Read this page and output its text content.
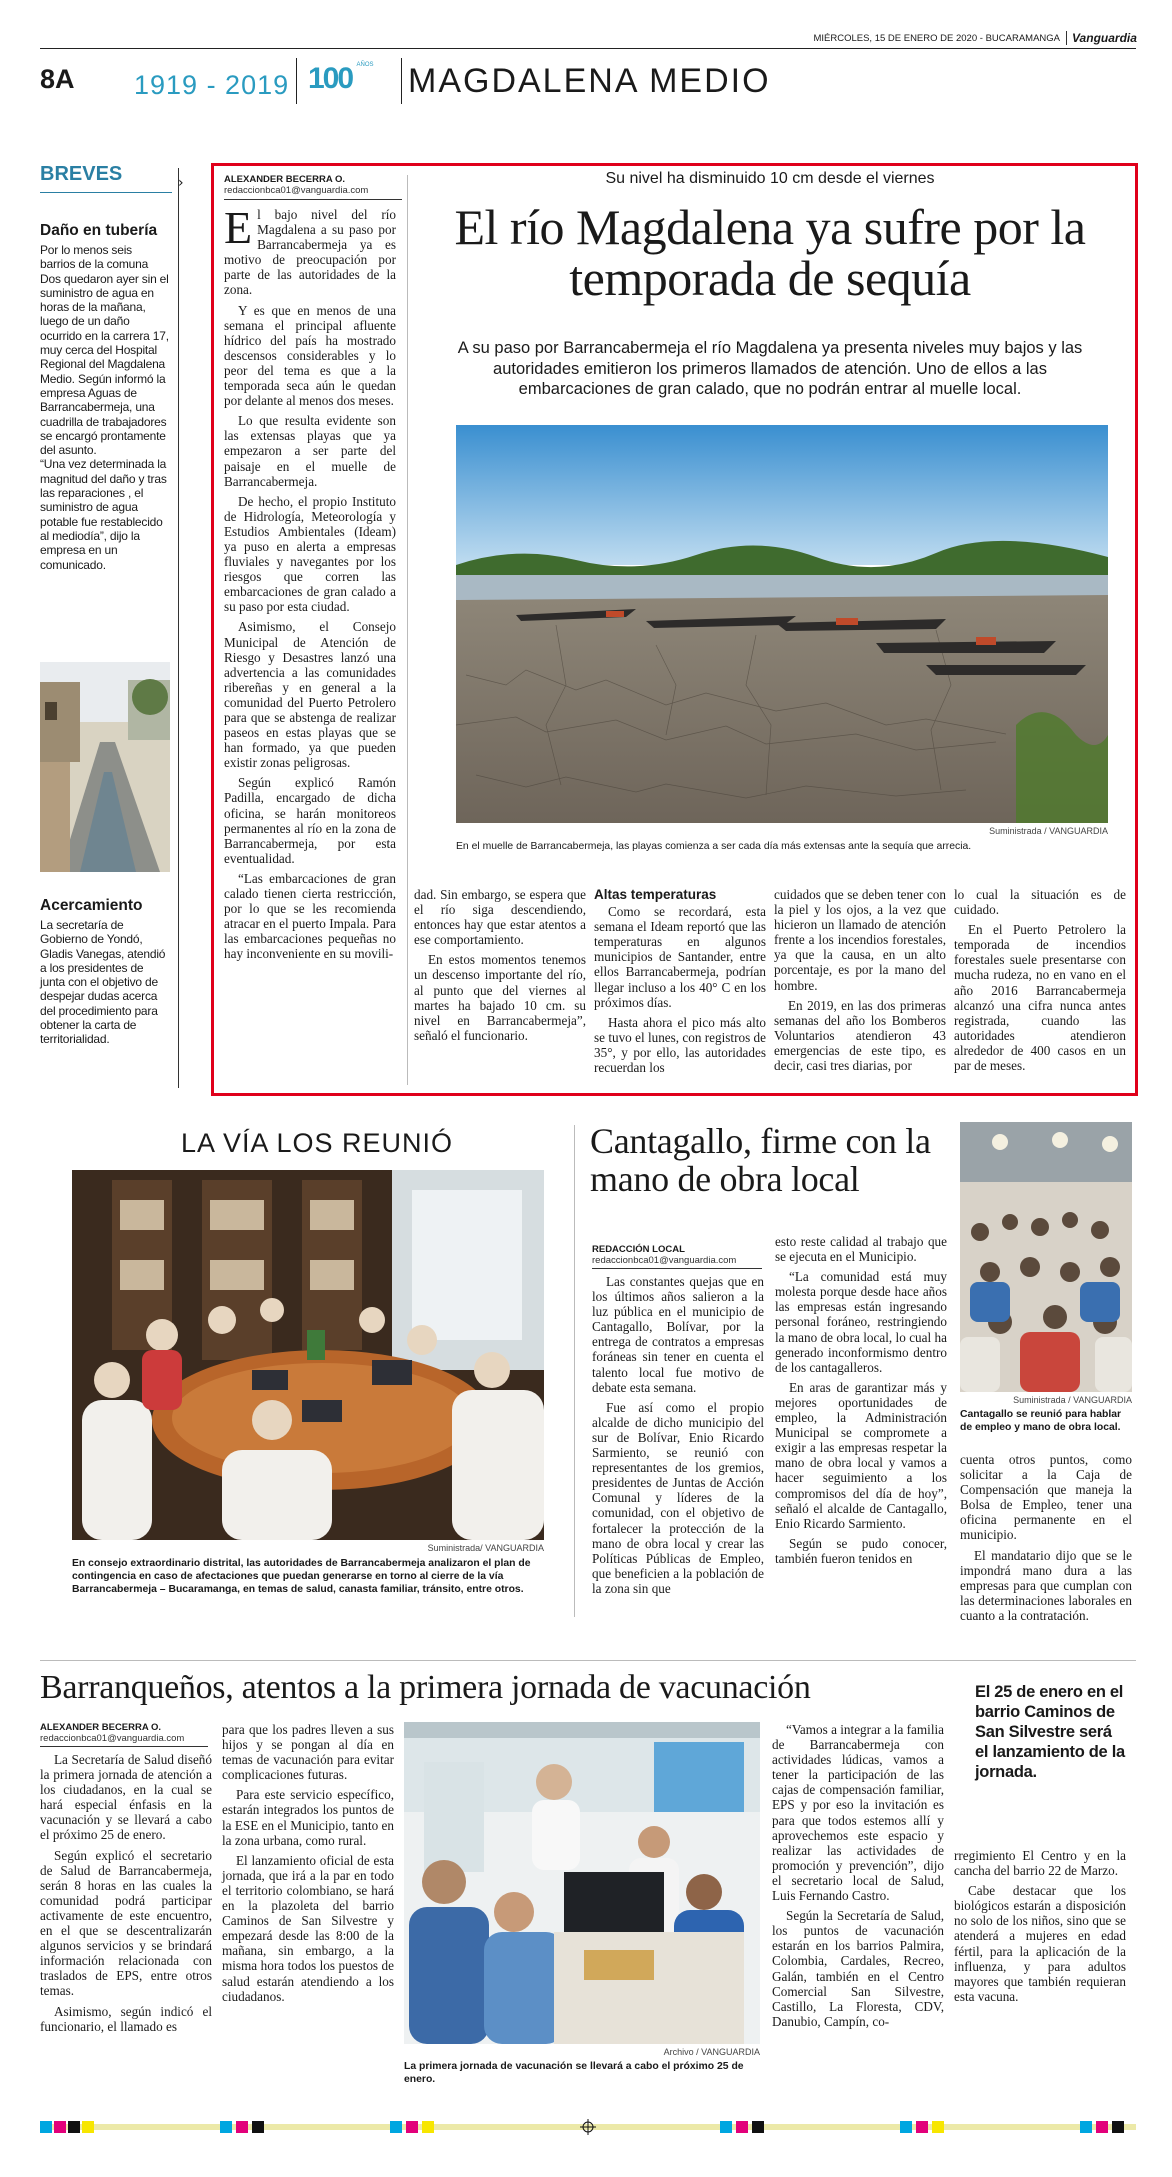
MIÉRCOLES, 15 DE ENERO DE 2020 - BUCARAMANGA	Vanguardia
8A 1919 - 2019 100 $^{AÑOS}$ MAGDALENA MEDIO
BREVES	›
Daño en tubería
Por lo menos seis barrios de la comuna Dos quedaron ayer sin el suministro de agua en horas de la mañana, luego de un daño ocurrido en la carrera 17, muy cerca del Hospital Regional del Magdalena Medio. Según informó la empresa Aguas de Barrancabermeja, una cuadrilla de trabajadores se encargó prontamente del asunto.
“Una vez determinada la magnitud del daño y tras las reparaciones , el suministro de agua potable fue restablecido al mediodía”, dijo la empresa en un comunicado.
Acercamiento
La secretaría de Gobierno de Yondó, Gladis Vanegas, atendió a los presidentes de junta con el objetivo de despejar dudas acerca del procedimiento para obtener la carta de territorialidad.
ALEXANDER BECERRA O.
redaccionbca01@vanguardia.com
Su nivel ha disminuido 10 cm desde el viernes
El río Magdalena ya sufre por la temporada de sequía
A su paso por Barrancabermeja el río Magdalena ya presenta niveles muy bajos y las autoridades emitieron los primeros llamados de atención. Uno de ellos a las embarcaciones de gran calado, que no podrán entrar al muelle local.
Suministrada / VANGUARDIA
En el muelle de Barrancabermeja, las playas comienza a ser cada día más extensas ante la sequía que arrecia.

El bajo nivel del río Magdalena a su paso por Barrancabermeja ya es motivo de preocupación por parte de las autoridades de la zona.

Y es que en menos de una semana el principal afluente hídrico del país ha mostrado descensos considerables y lo peor del tema es que a la temporada seca aún le quedan por delante al menos dos meses.

Lo que resulta evidente son las extensas playas que ya empezaron a ser parte del paisaje en el muelle de Barrancabermeja.

De hecho, el propio Instituto de Hidrología, Meteorología y Estudios Ambientales (Ideam) ya puso en alerta a empresas fluviales y navegantes por los riesgos que corren las embarcaciones de gran calado a su paso por esta ciudad.

Asimismo, el Consejo Municipal de Atención de Riesgo y Desastres lanzó una advertencia a las comunidades ribereñas y en general a la comunidad del Puerto Petrolero para que se abstenga de realizar paseos en estas playas que se han formado, ya que pueden existir zonas peligrosas.

Según explicó Ramón Padilla, encargado de dicha oficina, se harán monitoreos permanentes al río en la zona de Barrancabermeja, por esta eventualidad.

“Las embarcaciones de gran calado tienen cierta restricción, por lo que se les recomienda atracar en el puerto Impala. Para las embarcaciones pequeñas no hay inconveniente en su movili-

dad. Sin embargo, se espera que el río siga descendiendo, entonces hay que estar atentos a ese comportamiento.

En estos momentos tenemos un descenso importante del río, al punto que del viernes al martes ha bajado 10 cm. su nivel en Barrancabermeja”, señaló el funcionario.

Altas temperaturas

Como se recordará, esta semana el Ideam reportó que las temperaturas en algunos municipios de Santander, entre ellos Barrancabermeja, podrían llegar incluso a los 40° C en los próximos días.

Hasta ahora el pico más alto se tuvo el lunes, con registros de 35°, y por ello, las autoridades recuerdan los

cuidados que se deben tener con la piel y los ojos, a la vez que hicieron un llamado de atención frente a los incendios forestales, ya que la causa, en un alto porcentaje, es por la mano del hombre.

En 2019, en las dos primeras semanas del año los Bomberos Voluntarios atendieron 43 emergencias de este tipo, es decir, casi tres diarias, por

lo cual la situación es de cuidado.

En el Puerto Petrolero la temporada de incendios forestales suele presentarse con mucha rudeza, no en vano en el año 2016 Barrancabermeja alcanzó una cifra nunca antes registrada, cuando las autoridades atendieron alrededor de 400 casos en un par de meses.

LA VÍA LOS REUNIÓ
Suministrada/ VANGUARDIA
En consejo extraordinario distrital, las autoridades de Barrancabermeja analizaron el plan de contingencia en caso de afectaciones que puedan generarse en torno al cierre de la vía Barrancabermeja – Bucaramanga, en temas de salud, canasta familiar, tránsito, entre otros.
Cantagallo, firme con la mano de obra local
REDACCIÓN LOCAL
redaccionbca01@vanguardia.com
Suministrada / VANGUARDIA
Cantagallo se reunió para hablar de empleo y mano de obra local.

Las constantes quejas que en los últimos años salieron a la luz pública en el municipio de Cantagallo, Bolívar, por la entrega de contratos a empresas foráneas sin tener en cuenta el talento local fue motivo de debate esta semana.

Fue así como el propio alcalde de dicho municipio del sur de Bolívar, Enio Ricardo Sarmiento, se reunió con representantes de los gremios, presidentes de Juntas de Acción Comunal y líderes de la comunidad, con el objetivo de fortalecer la protección de la mano de obra local y crear las Políticas Públicas de Empleo, que beneficien a la población de la zona sin que

esto reste calidad al trabajo que se ejecuta en el Municipio.

“La comunidad está muy molesta porque desde hace años las empresas están ingresando personal foráneo, restringiendo la mano de obra local, lo cual ha generado inconformismo dentro de los cantagalleros.

En aras de garantizar más y mejores oportunidades de empleo, la Administración Municipal se compromete a exigir a las empresas respetar la mano de obra local y vamos a hacer seguimiento a los compromisos del día de hoy”, señaló el alcalde de Cantagallo, Enio Ricardo Sarmiento.

Según se pudo conocer, también fueron tenidos en

cuenta otros puntos, como solicitar a la Caja de Compensación que maneja la Bolsa de Empleo, tener una oficina permanente en el municipio.

El mandatario dijo que se le impondrá mano dura a las empresas para que cumplan con las determinaciones laborales en cuanto a la contratación.

Barranqueños, atentos a la primera jornada de vacunación	El 25 de enero en el barrio Caminos de San Silvestre será el lanzamiento de la jornada.
ALEXANDER BECERRA O.
redaccionbca01@vanguardia.com

La Secretaría de Salud diseñó la primera jornada de atención a los ciudadanos, en la cual se hará especial énfasis en la vacunación y se llevará a cabo el próximo 25 de enero.

Según explicó el secretario de Salud de Barrancabermeja, serán 8 horas en las cuales la comunidad podrá participar activamente de este encuentro, en el que se descentralizarán algunos servicios y se brindará información relacionada con traslados de EPS, entre otros temas.

Asimismo, según indicó el funcionario, el llamado es

para que los padres lleven a sus hijos y se pongan al día en temas de vacunación para evitar complicaciones futuras.

Para este servicio específico, estarán integrados los puntos de la ESE en el Municipio, tanto en la zona urbana, como rural.

El lanzamiento oficial de esta jornada, que irá a la par en todo el territorio colombiano, se hará en la plazoleta del barrio Caminos de San Silvestre y empezará desde las 8:00 de la mañana, sin embargo, a la misma hora todos los puestos de salud estarán atendiendo a los ciudadanos.

Archivo / VANGUARDIA
La primera jornada de vacunación se llevará a cabo el próximo 25 de enero.

“Vamos a integrar a la familia de Barrancabermeja con actividades lúdicas, vamos a tener la participación de las cajas de compensación familiar, EPS y por eso la invitación es para que todos estemos allí y aprovechemos este espacio y realizar las actividades de promoción y prevención”, dijo el secretario local de Salud, Luis Fernando Castro.

Según la Secretaría de Salud, los puntos de vacunación estarán en los barrios Palmira, Colombia, Cardales, Recreo, Galán, también en el Centro Comercial San Silvestre, Castillo, La Floresta, CDV, Danubio, Campín, co-

rregimiento El Centro y en la cancha del barrio 22 de Marzo.

Cabe destacar que los biológicos estarán a disposición no solo de los niños, sino que se atenderá a mujeres en edad fértil, para la aplicación de la influenza, y para adultos mayores que también requieran esta vacuna.
